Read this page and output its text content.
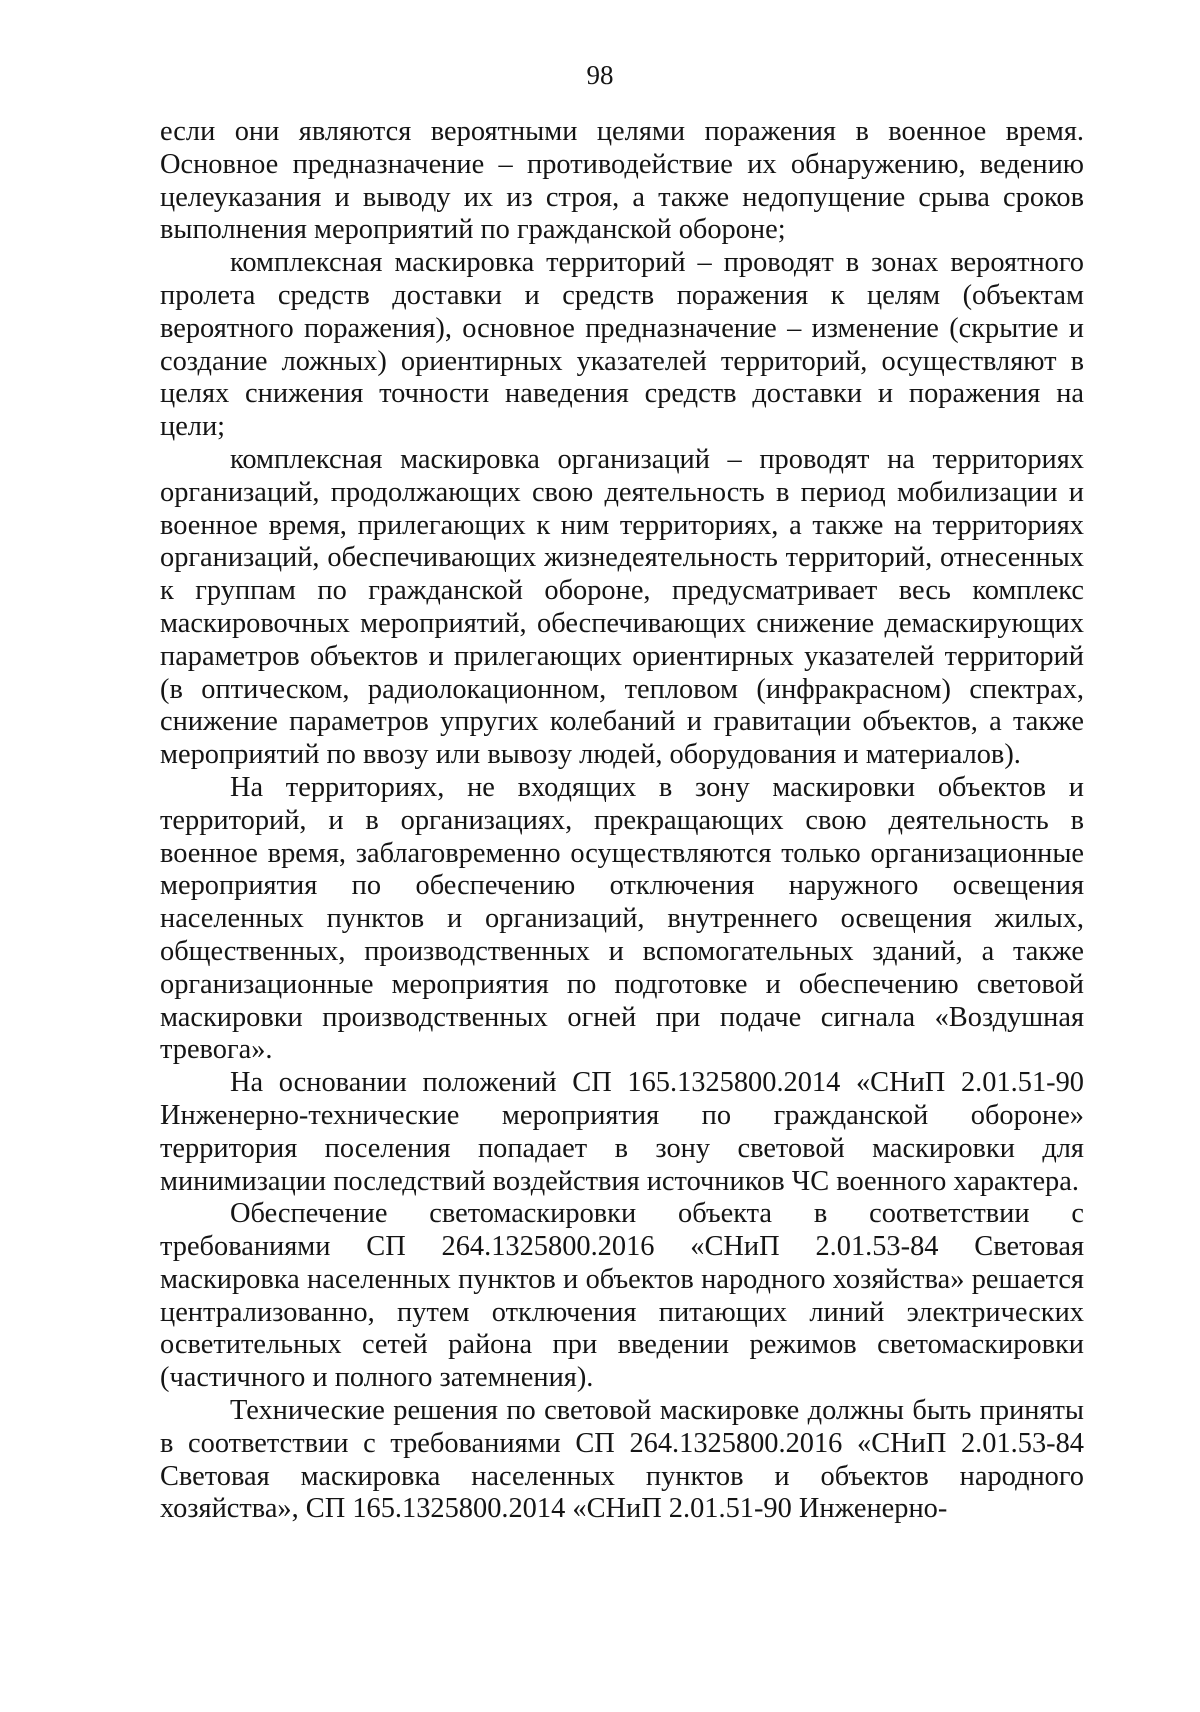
98

если они являются вероятными целями поражения в военное время. Основное предназначение – противодействие их обнаружению, ведению целеуказания и выводу их из строя, а также недопущение срыва сроков выполнения мероприятий по гражданской обороне;

комплексная маскировка территорий – проводят в зонах вероятного пролета средств доставки и средств поражения к целям (объектам вероятного поражения), основное предназначение – изменение (скрытие и создание ложных) ориентирных указателей территорий, осуществляют в целях снижения точности наведения средств доставки и поражения на цели;

комплексная маскировка организаций – проводят на территориях организаций, продолжающих свою деятельность в период мобилизации и военное время, прилегающих к ним территориях, а также на территориях организаций, обеспечивающих жизнедеятельность территорий, отнесенных к группам по гражданской обороне, предусматривает весь комплекс маскировочных мероприятий, обеспечивающих снижение демаскирующих параметров объектов и прилегающих ориентирных указателей территорий (в оптическом, радиолокационном, тепловом (инфракрасном) спектрах, снижение параметров упругих колебаний и гравитации объектов, а также мероприятий по ввозу или вывозу людей, оборудования и материалов).

На территориях, не входящих в зону маскировки объектов и территорий, и в организациях, прекращающих свою деятельность в военное время, заблаговременно осуществляются только организационные мероприятия по обеспечению отключения наружного освещения населенных пунктов и организаций, внутреннего освещения жилых, общественных, производственных и вспомогательных зданий, а также организационные мероприятия по подготовке и обеспечению световой маскировки производственных огней при подаче сигнала «Воздушная тревога».

На основании положений СП 165.1325800.2014 «СНиП 2.01.51-90 Инженерно-технические мероприятия по гражданской обороне» территория поселения попадает в зону световой маскировки для минимизации последствий воздействия источников ЧС военного характера.

Обеспечение светомаскировки объекта в соответствии с требованиями СП 264.1325800.2016 «СНиП 2.01.53-84 Световая маскировка населенных пунктов и объектов народного хозяйства» решается централизованно, путем отключения питающих линий электрических осветительных сетей района при введении режимов светомаскировки (частичного и полного затемнения).

Технические решения по световой маскировке должны быть приняты в соответствии с требованиями СП 264.1325800.2016 «СНиП 2.01.53-84 Световая маскировка населенных пунктов и объектов народного хозяйства», СП 165.1325800.2014 «СНиП 2.01.51-90 Инженерно-
